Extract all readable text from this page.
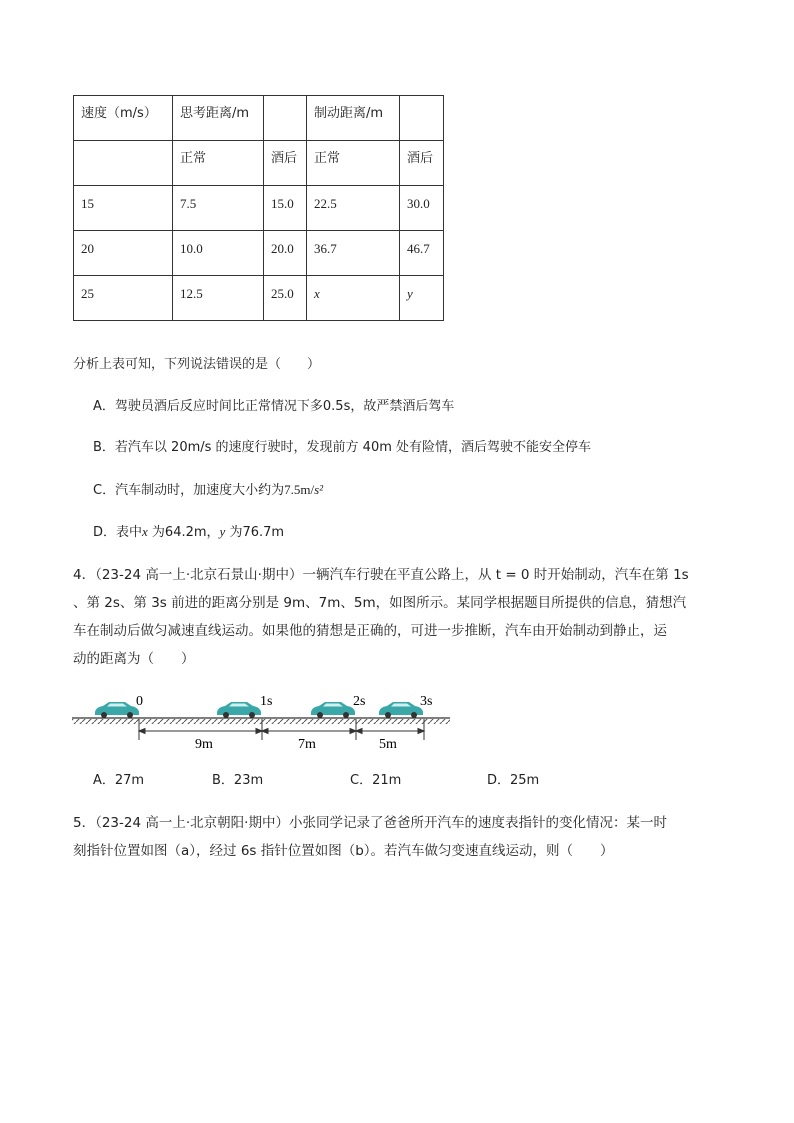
速度（m/s）	思考距离/m		制动距离/m	
	正常	酒后	正常	酒后
15	7.5	15.0	22.5	30.0
20	10.0	20.0	36.7	46.7
25	12.5	25.0	x	y
分析上表可知，下列说法错误的是（　　）
A．驾驶员酒后反应时间比正常情况下多0.5s，故严禁酒后驾车
B．若汽车以 20m/s 的速度行驶时，发现前方 40m 处有险情，酒后驾驶不能安全停车
C．汽车制动时，加速度大小约为7.5m/s²
D．表中x 为64.2m，y 为76.7m
4．（23-24 高一上·北京石景山·期中）一辆汽车行驶在平直公路上，从 t = 0 时开始制动，汽车在第 1s
、第 2s、第 3s 前进的距离分别是 9m、7m、5m，如图所示。某同学根据题目所提供的信息，猜想汽
车在制动后做匀减速直线运动。如果他的猜想是正确的，可进一步推断，汽车由开始制动到静止，运
动的距离为（　　）
0	1s	2s	3s
9m	7m	5m
A．27m	B．23m	C．21m	D．25m
5．（23-24 高一上·北京朝阳·期中）小张同学记录了爸爸所开汽车的速度表指针的变化情况：某一时
刻指针位置如图（a），经过 6s 指针位置如图（b）。若汽车做匀变速直线运动，则（　　）
